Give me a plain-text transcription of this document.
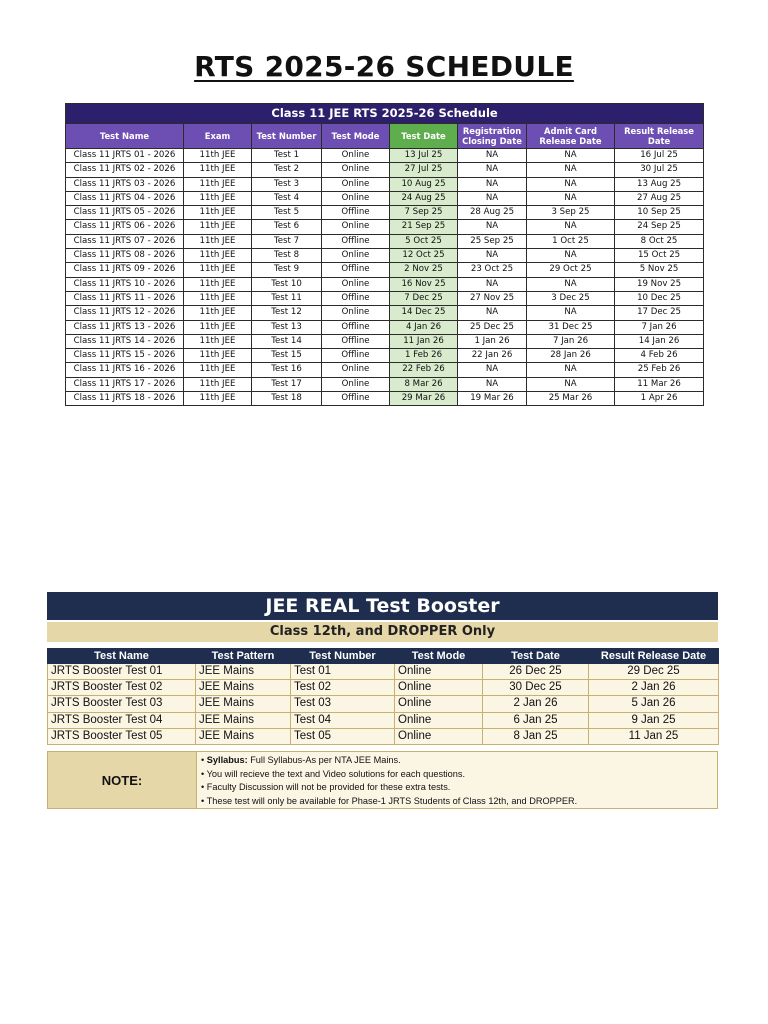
RTS 2025-26 SCHEDULE
Class 11 JEE RTS 2025-26 Schedule							
Test Name	Exam	Test Number	Test Mode	Test Date	Registration Closing Date	Admit Card Release Date	Result Release Date
Class 11 JRTS 01 - 2026	11th JEE	Test 1	Online	13 Jul 25	NA	NA	16 Jul 25
Class 11 JRTS 02 - 2026	11th JEE	Test 2	Online	27 Jul 25	NA	NA	30 Jul 25
Class 11 JRTS 03 - 2026	11th JEE	Test 3	Online	10 Aug 25	NA	NA	13 Aug 25
Class 11 JRTS 04 - 2026	11th JEE	Test 4	Online	24 Aug 25	NA	NA	27 Aug 25
Class 11 JRTS 05 - 2026	11th JEE	Test 5	Offline	7 Sep 25	28 Aug 25	3 Sep 25	10 Sep 25
Class 11 JRTS 06 - 2026	11th JEE	Test 6	Online	21 Sep 25	NA	NA	24 Sep 25
Class 11 JRTS 07 - 2026	11th JEE	Test 7	Offline	5 Oct 25	25 Sep 25	1 Oct 25	8 Oct 25
Class 11 JRTS 08 - 2026	11th JEE	Test 8	Online	12 Oct 25	NA	NA	15 Oct 25
Class 11 JRTS 09 - 2026	11th JEE	Test 9	Offline	2 Nov 25	23 Oct 25	29 Oct 25	5 Nov 25
Class 11 JRTS 10 - 2026	11th JEE	Test 10	Online	16 Nov 25	NA	NA	19 Nov 25
Class 11 JRTS 11 - 2026	11th JEE	Test 11	Offline	7 Dec 25	27 Nov 25	3 Dec 25	10 Dec 25
Class 11 JRTS 12 - 2026	11th JEE	Test 12	Online	14 Dec 25	NA	NA	17 Dec 25
Class 11 JRTS 13 - 2026	11th JEE	Test 13	Offline	4 Jan 26	25 Dec 25	31 Dec 25	7 Jan 26
Class 11 JRTS 14 - 2026	11th JEE	Test 14	Offline	11 Jan 26	1 Jan 26	7 Jan 26	14 Jan 26
Class 11 JRTS 15 - 2026	11th JEE	Test 15	Offline	1 Feb 26	22 Jan 26	28 Jan 26	4 Feb 26
Class 11 JRTS 16 - 2026	11th JEE	Test 16	Online	22 Feb 26	NA	NA	25 Feb 26
Class 11 JRTS 17 - 2026	11th JEE	Test 17	Online	8 Mar 26	NA	NA	11 Mar 26
Class 11 JRTS 18 - 2026	11th JEE	Test 18	Offline	29 Mar 26	19 Mar 26	25 Mar 26	1 Apr 26
JEE REAL Test Booster
Class 12th, and DROPPER Only
Test Name	Test Pattern	Test Number	Test Mode	Test Date	Result Release Date
JRTS Booster Test 01	JEE Mains	Test 01	Online	26 Dec 25	29 Dec 25
JRTS Booster Test 02	JEE Mains	Test 02	Online	30 Dec 25	2 Jan 26
JRTS Booster Test 03	JEE Mains	Test 03	Online	2 Jan 26	5 Jan 26
JRTS Booster Test 04	JEE Mains	Test 04	Online	6 Jan 25	9 Jan 25
JRTS Booster Test 05	JEE Mains	Test 05	Online	8 Jan 25	11 Jan 25
NOTE:
• Syllabus: Full Syllabus-As per NTA JEE Mains.
• You will recieve the text and Video solutions for each questions.
• Faculty Discussion will not be provided for these extra tests.
• These test will only be available for Phase-1 JRTS Students of Class 12th, and DROPPER.
